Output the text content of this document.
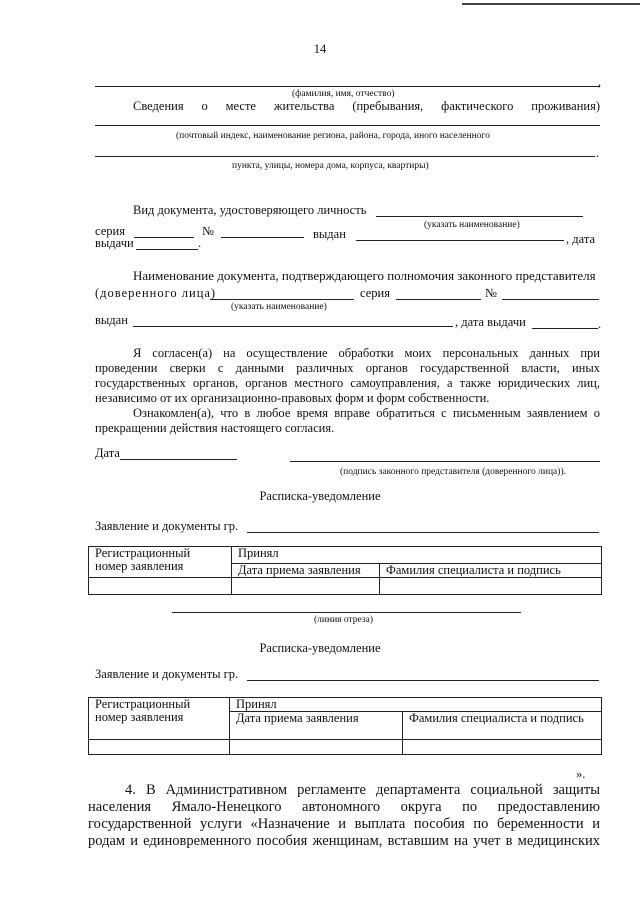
14
,
(фамилия, имя, отчество)
Сведения о месте жительства (пребывания, фактического проживания)
(почтовый индекс, наименование региона, района, города, иного населенного
.
пункта, улицы, номера дома, корпуса, квартиры)
Вид документа, удостоверяющего личность
(указать наименование)
серия	№	выдан	, дата
выдачи	.
Наименование документа, подтверждающего полномочия законного представителя
(доверенного лица)
(указать наименование)
серия	№
выдан	, дата выдачи	.
Я согласен(а) на осуществление обработки моих персональных данных при
проведении сверки с данными различных органов государственной власти, иных
государственных органов, органов местного самоуправления, а также юридических лиц,
независимо от их организационно-правовых форм и форм собственности.
Ознакомлен(а), что в любое время вправе обратиться с письменным заявлением о
прекращении действия настоящего согласия.
Дата
(подпись законного представителя (доверенного лица)).
Расписка-уведомление
Заявление и документы гр.
Регистрационный номер заявления	Принял	
	Дата приема заявления	Фамилия специалиста и подпись

(линия отреза)
Расписка-уведомление
Заявление и документы гр.
Регистрационный номер заявления	Принял	
	Дата приема заявления	Фамилия специалиста и подпись

».
4. В Административном регламенте департамента социальной защиты
населения Ямало-Ненецкого автономного округа по предоставлению
государственной услуги «Назначение и выплата пособия по беременности и
родам и единовременного пособия женщинам, вставшим на учет в медицинских
